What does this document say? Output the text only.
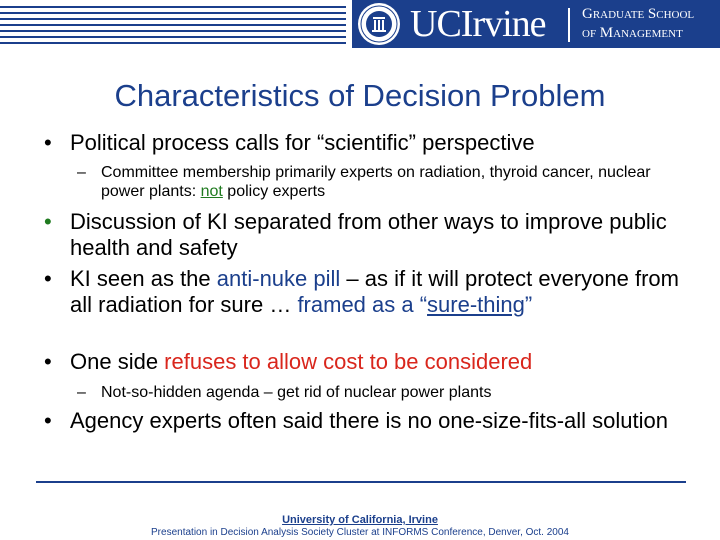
UCIrvine Graduate School
of Management
Characteristics of Decision Problem
• Political process calls for “scientific” perspective
– Committee membership primarily experts on radiation, thyroid cancer, nuclear power plants: not policy experts
• Discussion of KI separated from other ways to improve public health and safety
• KI seen as the anti-nuke pill – as if it will protect everyone from all radiation for sure … framed as a “sure-thing”
• One side refuses to allow cost to be considered
– Not-so-hidden agenda – get rid of nuclear power plants
• Agency experts often said there is no one-size-fits-all solution
University of California, Irvine
Presentation in Decision Analysis Society Cluster at INFORMS Conference, Denver, Oct. 2004
